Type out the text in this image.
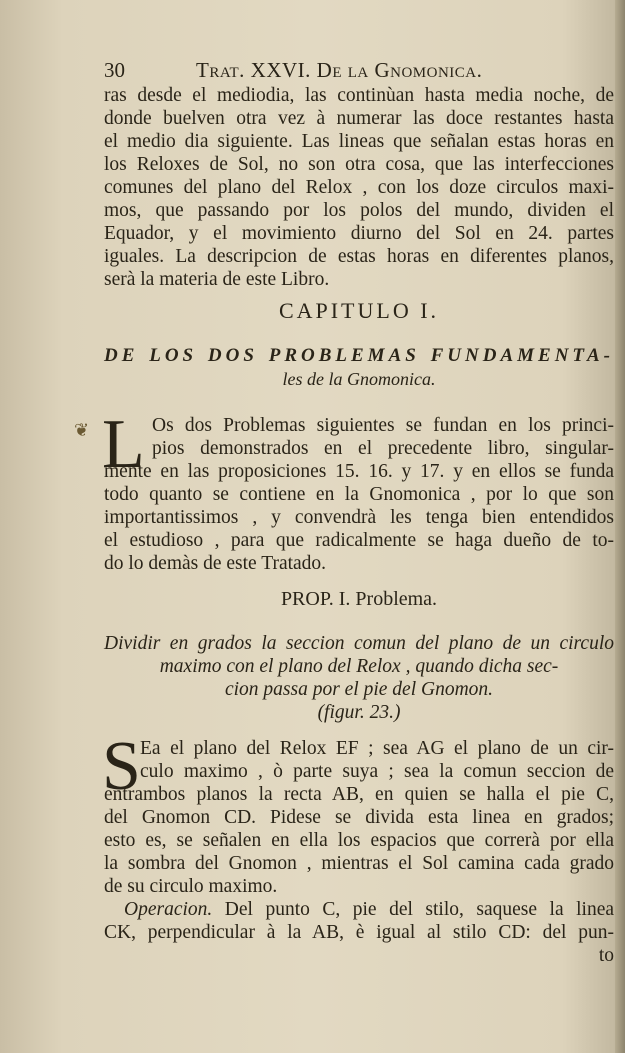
30	Trat. XXVI. De la Gnomonica.
ras desde el mediodia, las continùan hasta media noche, de
donde buelven otra vez à numerar las doce restantes hasta
el medio dia siguiente. Las lineas que señalan estas horas en
los Reloxes de Sol, no son otra cosa, que las interfecciones
comunes del plano del Relox , con los doze circulos maxi-
mos, que passando por los polos del mundo, dividen el
Equador, y el movimiento diurno del Sol en 24. partes
iguales. La descripcion de estas horas en diferentes planos,
serà la materia de este Libro.
CAPITULO I.
DE LOS DOS PROBLEMAS FUNDAMENTA-
les de la Gnomonica.
❦ L Os dos Problemas siguientes se fundan en los princi-
pios demonstrados en el precedente libro, singular-
mente en las proposiciones 15. 16. y 17. y en ellos se funda
todo quanto se contiene en la Gnomonica , por lo que son
importantissimos , y convendrà les tenga bien entendidos
el estudioso , para que radicalmente se haga dueño de to-
do lo demàs de este Tratado.
PROP. I. Problema.
Dividir en grados la seccion comun del plano de un circulo
maximo con el plano del Relox , quando dicha sec-
cion passa por el pie del Gnomon.
(figur. 23.)
S Ea el plano del Relox EF ; sea AG el plano de un cir-
culo maximo , ò parte suya ; sea la comun seccion de
entrambos planos la recta AB, en quien se halla el pie C,
del Gnomon CD. Pidese se divida esta linea en grados;
esto es, se señalen en ella los espacios que correrà por ella
la sombra del Gnomon , mientras el Sol camina cada grado
de su circulo maximo.
Operacion. Del punto C, pie del stilo, saquese la linea
CK, perpendicular à la AB, è igual al stilo CD: del pun-
to
